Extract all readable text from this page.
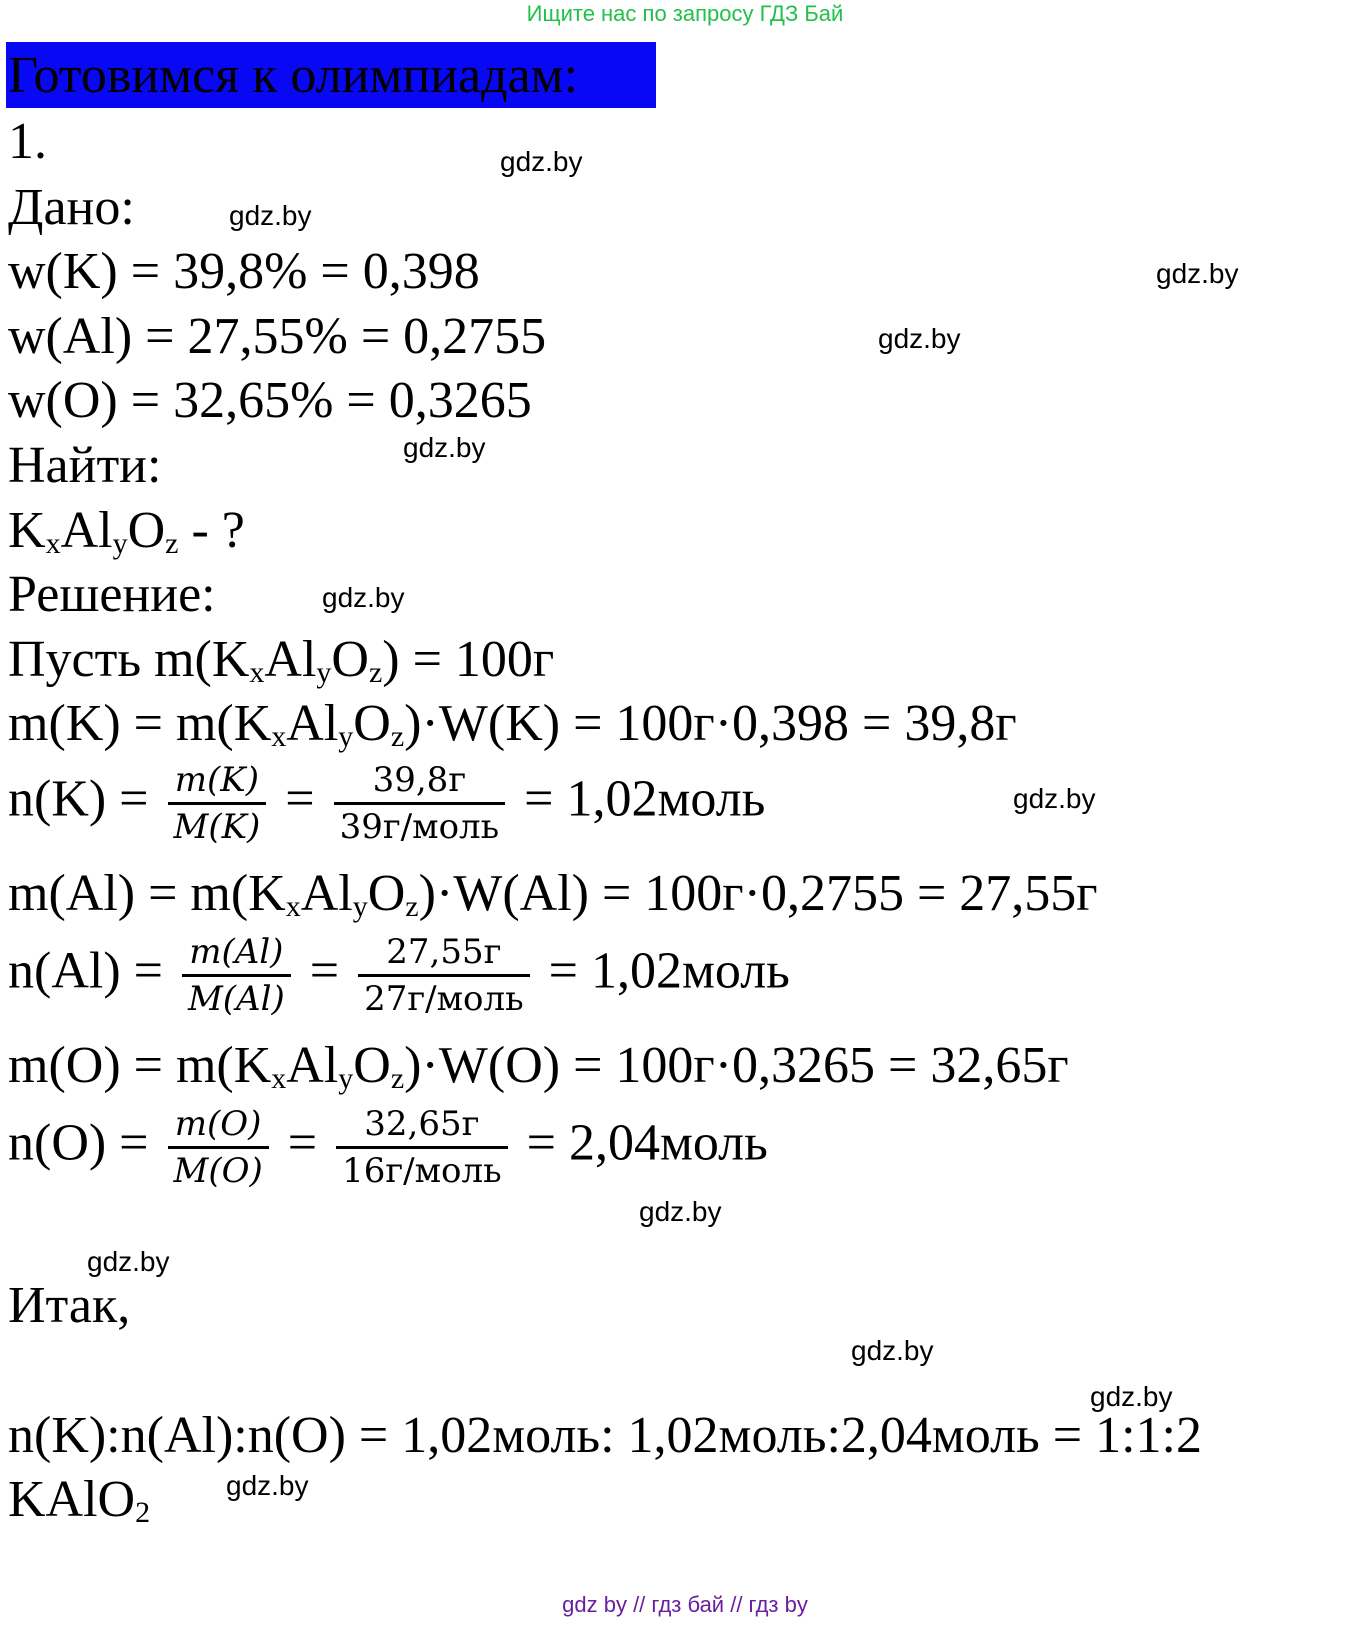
Ищите нас по запросу ГДЗ Бай
Готовимся к олимпиадам:
1.
Дано:
w(K) = 39,8% = 0,398
w(Al) = 27,55% = 0,2755
w(O) = 32,65% = 0,3265
Найти:
$K_xAl_yO_z$ - ?
Решение:
Пусть $m(K_xAl_yO_z) = 100г$
$m(K) = m(K_xAl_yO_z)\cdot W(K) = 100г\cdot 0,398 = 39,8г$
$n(K) = \frac{m(K)}{M(K)} = \frac{39,8г}{\text{39г/моль}}$ = 1,02моль
$m(Al) = m(K_xAl_yO_z)\cdot W(Al) = 100г\cdot 0,2755 = 27,55г$
$n(Al) = \frac{m(Al)}{M(Al)} = \frac{27,55г}{\text{27г/моль}}$ = 1,02моль
$m(O) = m(K_xAl_yO_z)\cdot W(O) = 100г\cdot 0,3265 = 32,65г$
$n(O) = \frac{m(O)}{M(O)} = \frac{32,65г}{\text{16г/моль}}$ = 2,04моль
Итак,
n(K):n(Al):n(O) = 1,02моль: 1,02моль:2,04моль = 1:1:2
KAlO$_2$
gdz.by
gdz.by
gdz.by
gdz.by
gdz.by
gdz.by
gdz.by
gdz.by
gdz.by
gdz.by
gdz.by
gdz.by
gdz by // гдз бай // гдз by
